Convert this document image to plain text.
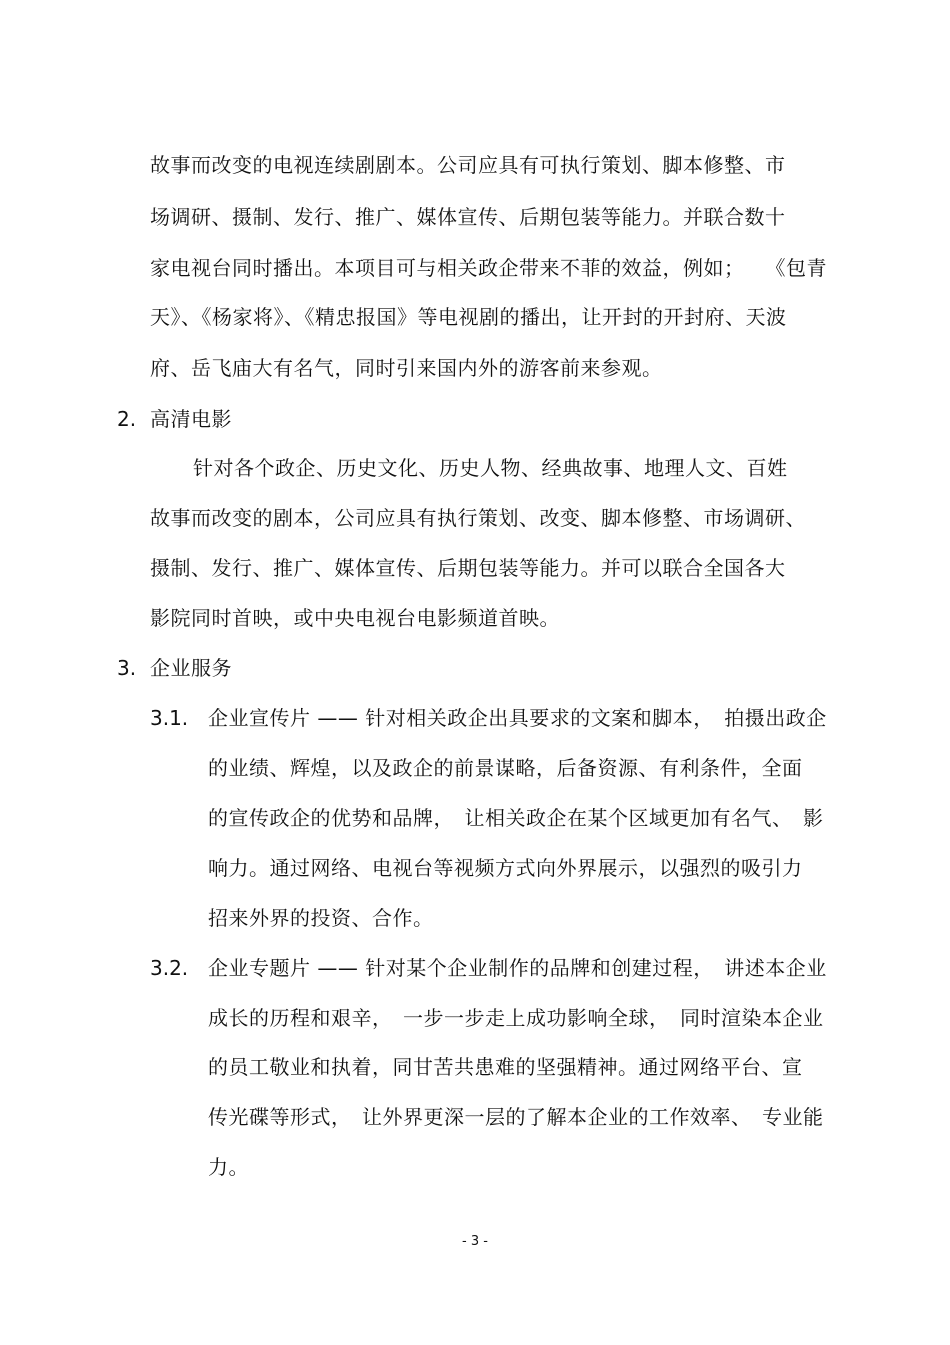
故事而改变的电视连续剧剧本。公司应具有可执行策划、脚本修整、市
场调研、摄制、发行、推广、媒体宣传、后期包装等能力。并联合数十
家电视台同时播出。本项目可与相关政企带来不菲的效益，例如；　　《包青
天》、《杨家将》、《精忠报国》等电视剧的播出，让开封的开封府、天波
府、岳飞庙大有名气，同时引来国内外的游客前来参观。
2. 高清电影
针对各个政企、历史文化、历史人物、经典故事、地理人文、百姓
故事而改变的剧本，公司应具有执行策划、改变、脚本修整、市场调研、
摄制、发行、推广、媒体宣传、后期包装等能力。并可以联合全国各大
影院同时首映，或中央电视台电影频道首映。
3. 企业服务
3.1. 企业宣传片 —— 针对相关政企出具要求的文案和脚本，　拍摄出政企
的业绩、辉煌，以及政企的前景谋略，后备资源、有利条件，全面
的宣传政企的优势和品牌，　让相关政企在某个区域更加有名气、　影
响力。通过网络、电视台等视频方式向外界展示，以强烈的吸引力
招来外界的投资、合作。
3.2. 企业专题片 —— 针对某个企业制作的品牌和创建过程，　讲述本企业
成长的历程和艰辛，　一步一步走上成功影响全球，　同时渲染本企业
的员工敬业和执着，同甘苦共患难的坚强精神。通过网络平台、宣
传光碟等形式，　让外界更深一层的了解本企业的工作效率、　专业能
力。
- 3 -
